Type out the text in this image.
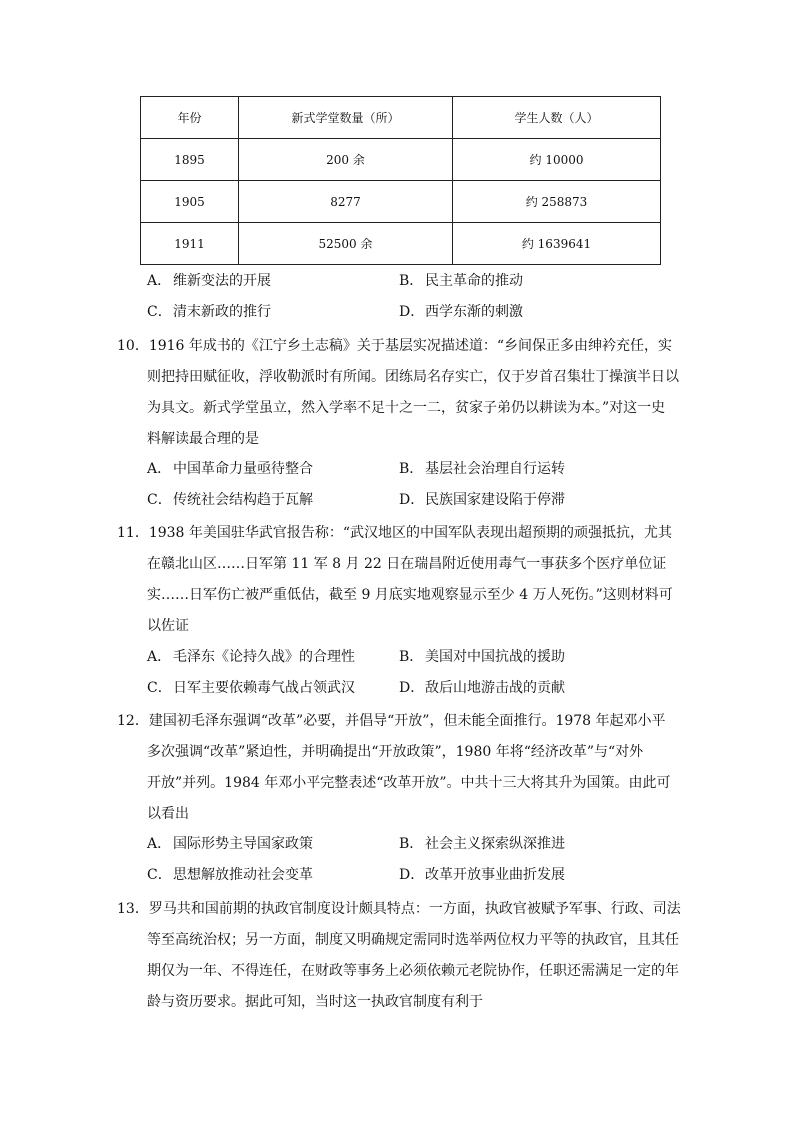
年份	新式学堂数量（所）	学生人数（人）
1895	200 余	约 10000
1905	8277	约 258873
1911	52500 余	约 1639641
A． 维新变法的开展	B． 民主革命的推动
C．清末新政的推行	D．西学东渐的刺激
10．1916 年成书的《江宁乡土志稿》关于基层实况描述道：“乡间保正多由绅衿充任，实
则把持田赋征收，浮收勒派时有所闻。团练局名存实亡，仅于岁首召集壮丁操演半日以
为具文。新式学堂虽立，然入学率不足十之一二，贫家子弟仍以耕读为本。”对这一史
料解读最合理的是
A． 中国革命力量亟待整合	B． 基层社会治理自行运转
C．传统社会结构趋于瓦解	D．民族国家建设陷于停滞
11．1938 年美国驻华武官报告称：“武汉地区的中国军队表现出超预期的顽强抵抗，尤其
在赣北山区……日军第 11 军 8 月 22 日在瑞昌附近使用毒气一事获多个医疗单位证
实……日军伤亡被严重低估，截至 9 月底实地观察显示至少 4 万人死伤。”这则材料可
以佐证
A． 毛泽东《论持久战》的合理性	B． 美国对中国抗战的援助
C．日军主要依赖毒气战占领武汉	D．敌后山地游击战的贡献
12．建国初毛泽东强调“改革”必要，并倡导“开放”，但未能全面推行。1978 年起邓小平
多次强调“改革”紧迫性，并明确提出“开放政策”，1980 年将“经济改革”与“对外
开放”并列。1984 年邓小平完整表述“改革开放”。中共十三大将其升为国策。由此可
以看出
A． 国际形势主导国家政策	B． 社会主义探索纵深推进
C．思想解放推动社会变革	D．改革开放事业曲折发展
13．罗马共和国前期的执政官制度设计颇具特点：一方面，执政官被赋予军事、行政、司法
等至高统治权；另一方面，制度又明确规定需同时选举两位权力平等的执政官，且其任
期仅为一年、不得连任，在财政等事务上必须依赖元老院协作，任职还需满足一定的年
龄与资历要求。据此可知，当时这一执政官制度有利于
